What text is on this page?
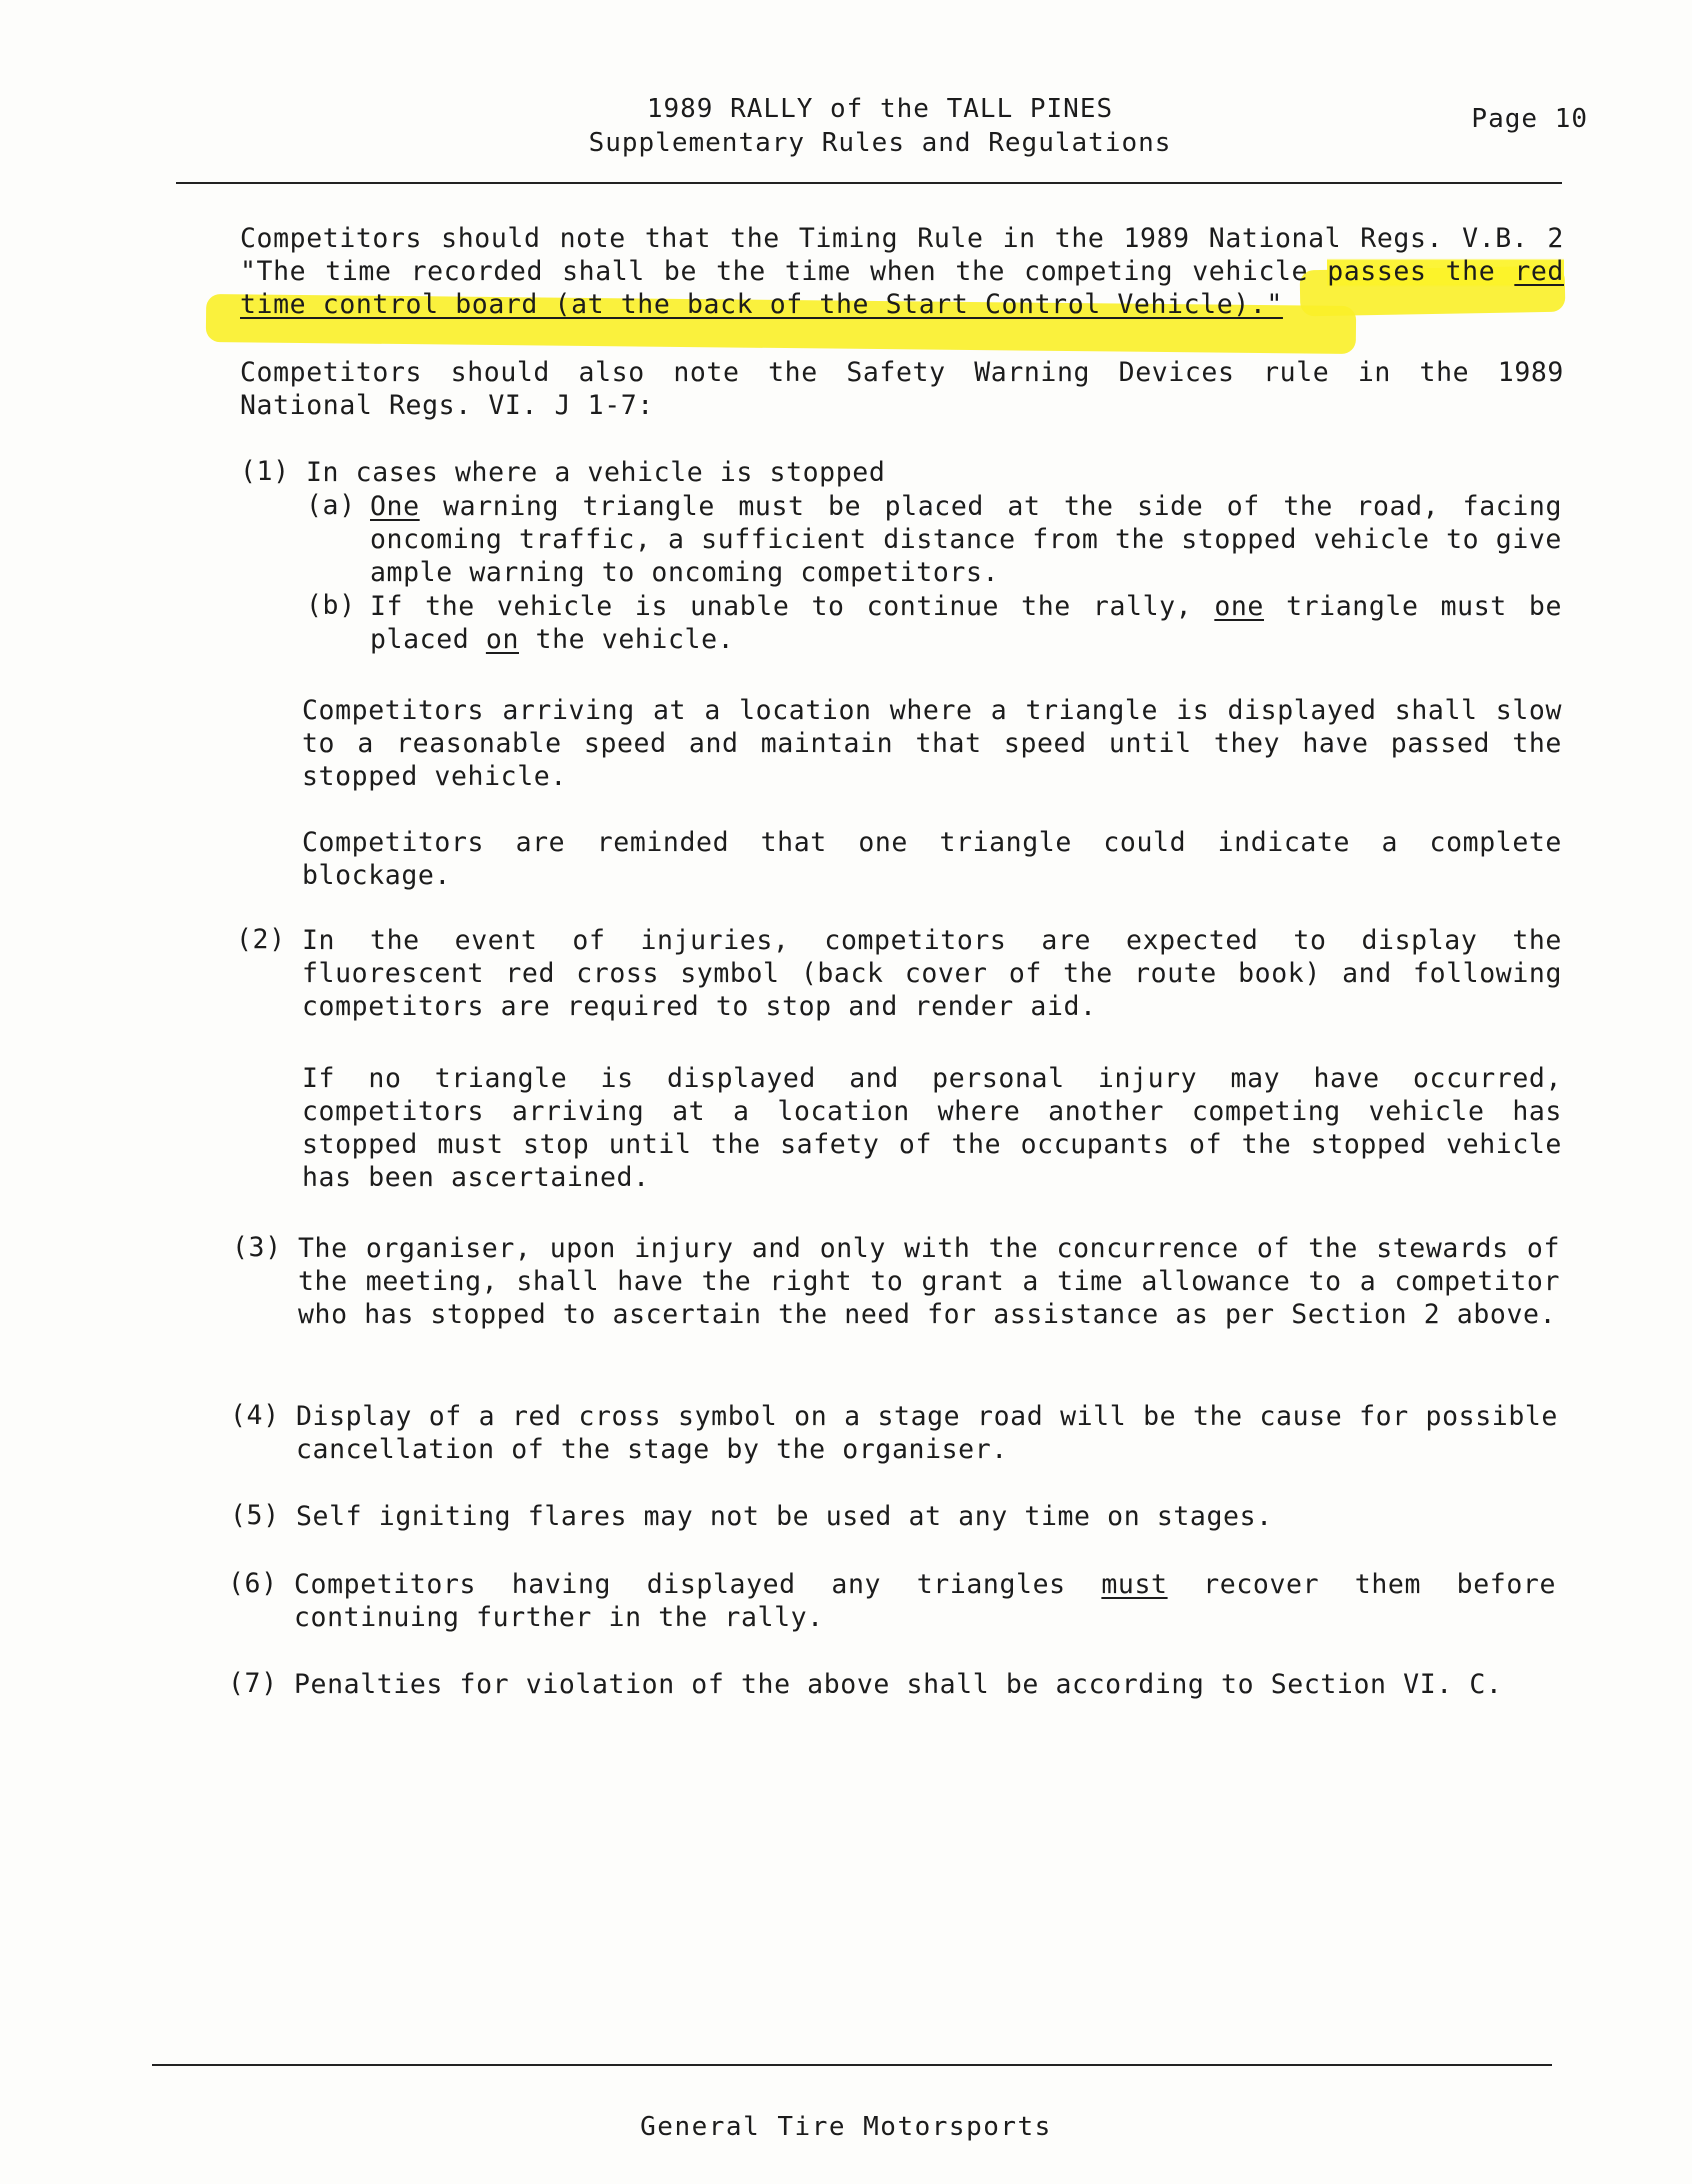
1989 RALLY of the TALL PINES
Supplementary Rules and Regulations
Page 10
Competitors should note that the Timing Rule in the 1989 National Regs. V.B. 2 "The time recorded shall be the time when the competing vehicle passes the red time control board (at the back of the Start Control Vehicle)."
Competitors should also note the Safety Warning Devices rule in the 1989 National Regs. VI. J 1-7:
(1) In cases where a vehicle is stopped
(a) One warning triangle must be placed at the side of the road, facing oncoming traffic, a sufficient distance from the stopped vehicle to give ample warning to oncoming competitors.
(b) If the vehicle is unable to continue the rally, one triangle must be placed on the vehicle.
Competitors arriving at a location where a triangle is displayed shall slow to a reasonable speed and maintain that speed until they have passed the stopped vehicle.
Competitors are reminded that one triangle could indicate a complete blockage.
(2) In the event of injuries, competitors are expected to display the fluorescent red cross symbol (back cover of the route book) and following competitors are required to stop and render aid.
If no triangle is displayed and personal injury may have occurred, competitors arriving at a location where another competing vehicle has stopped must stop until the safety of the occupants of the stopped vehicle has been ascertained.
(3) The organiser, upon injury and only with the concurrence of the stewards of the meeting, shall have the right to grant a time allowance to a competitor who has stopped to ascertain the need for assistance as per Section 2 above.
(4) Display of a red cross symbol on a stage road will be the cause for possible cancellation of the stage by the organiser.
(5) Self igniting flares may not be used at any time on stages.
(6) Competitors having displayed any triangles must recover them before continuing further in the rally.
(7) Penalties for violation of the above shall be according to Section VI. C.
General Tire Motorsports
